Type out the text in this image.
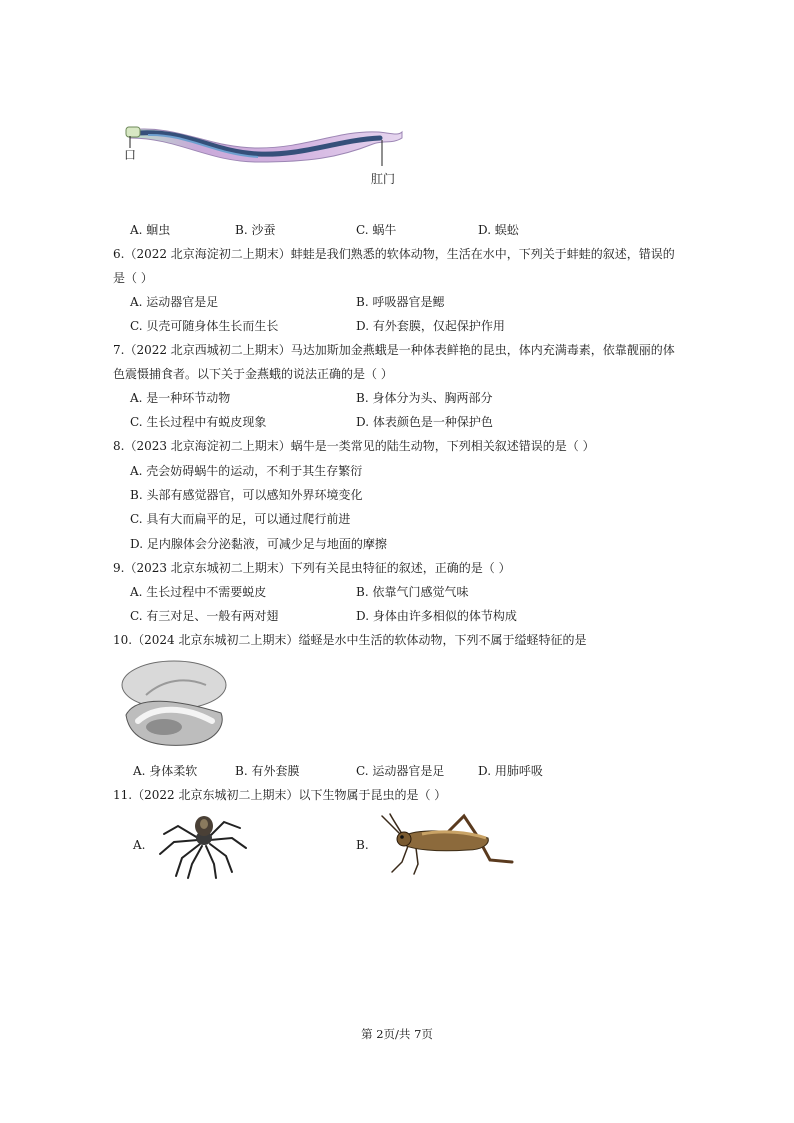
口
肛门
A. 蛔虫	B. 沙蚕	C. 蜗牛	D. 蜈蚣
6.（2022 北京海淀初二上期末）蚌蛙是我们熟悉的软体动物，生活在水中，下列关于蚌蛙的叙述，错误的
是（ ）
A. 运动器官是足	B. 呼吸器官是鳃
C. 贝壳可随身体生长而生长	D. 有外套膜，仅起保护作用
7.（2022 北京西城初二上期末）马达加斯加金燕蛾是一种体表鲜艳的昆虫，体内充满毒素，依靠靓丽的体
色震慑捕食者。以下关于金燕蛾的说法正确的是（ ）
A. 是一种环节动物	B. 身体分为头、胸两部分
C. 生长过程中有蜕皮现象	D. 体表颜色是一种保护色
8.（2023 北京海淀初二上期末）蜗牛是一类常见的陆生动物，下列相关叙述错误的是（ ）
A. 壳会妨碍蜗牛的运动，不利于其生存繁衍
B. 头部有感觉器官，可以感知外界环境变化
C. 具有大而扁平的足，可以通过爬行前进
D. 足内腺体会分泌黏液，可减少足与地面的摩擦
9.（2023 北京东城初二上期末）下列有关昆虫特征的叙述，正确的是（ ）
A. 生长过程中不需要蜕皮	B. 依靠气门感觉气味
C. 有三对足、一般有两对翅	D. 身体由许多相似的体节构成
10.（2024 北京东城初二上期末）缢蛏是水中生活的软体动物，下列不属于缢蛏特征的是
A. 身体柔软	B. 有外套膜	C. 运动器官是足	D. 用肺呼吸
11.（2022 北京东城初二上期末）以下生物属于昆虫的是（ ）
A.	B.
第 2页/共 7页
